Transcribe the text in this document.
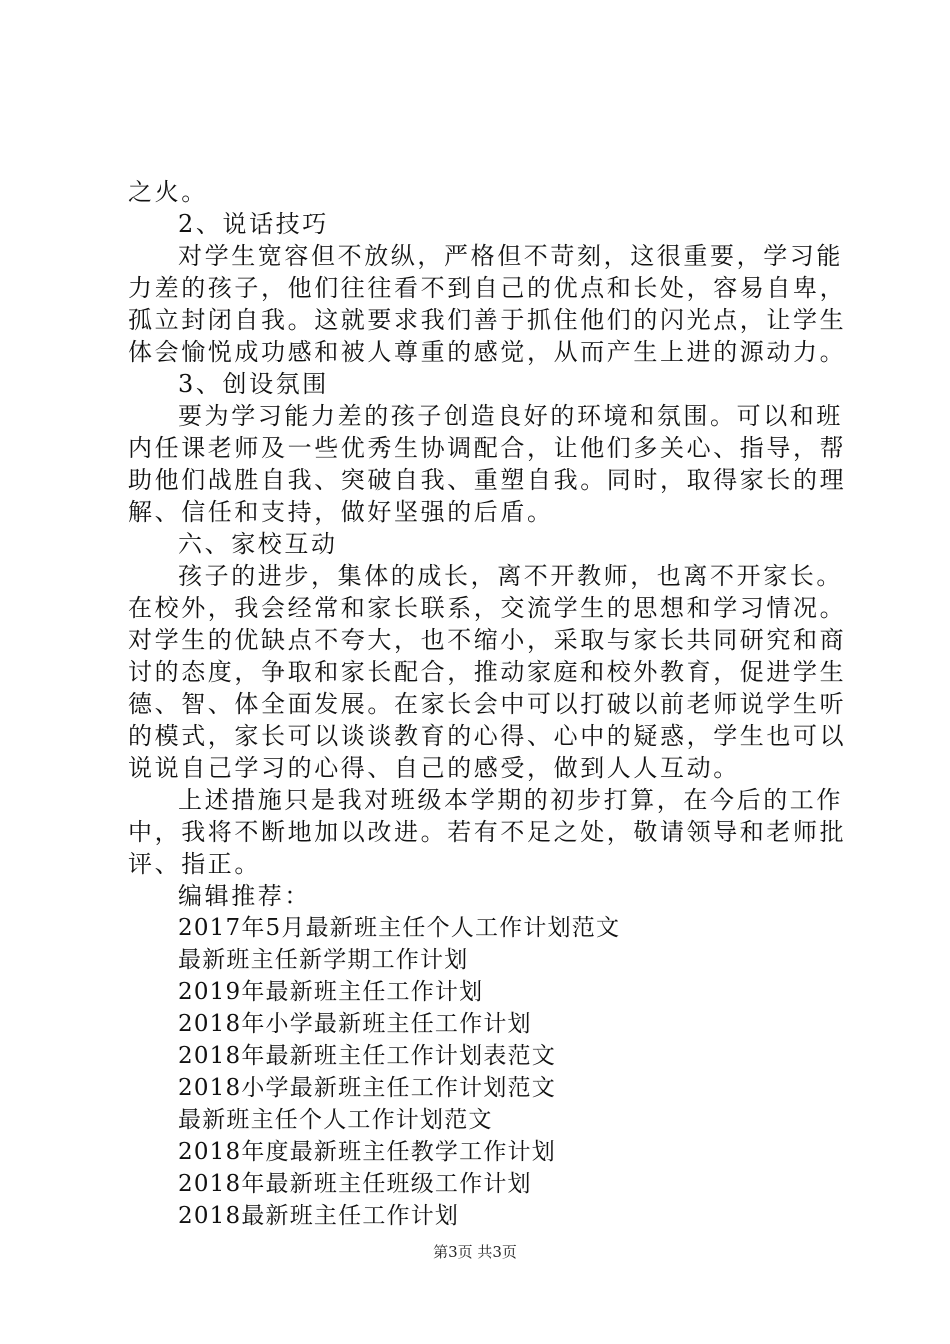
之火。
2、说话技巧
对学生宽容但不放纵，严格但不苛刻，这很重要，学习能
力差的孩子，他们往往看不到自己的优点和长处，容易自卑，
孤立封闭自我。这就要求我们善于抓住他们的闪光点，让学生
体会愉悦成功感和被人尊重的感觉，从而产生上进的源动力。
3、创设氛围
要为学习能力差的孩子创造良好的环境和氛围。可以和班
内任课老师及一些优秀生协调配合，让他们多关心、指导，帮
助他们战胜自我、突破自我、重塑自我。同时，取得家长的理
解、信任和支持，做好坚强的后盾。
六、家校互动
孩子的进步，集体的成长，离不开教师，也离不开家长。
在校外，我会经常和家长联系，交流学生的思想和学习情况。
对学生的优缺点不夸大，也不缩小，采取与家长共同研究和商
讨的态度，争取和家长配合，推动家庭和校外教育，促进学生
德、智、体全面发展。在家长会中可以打破以前老师说学生听
的模式，家长可以谈谈教育的心得、心中的疑惑，学生也可以
说说自己学习的心得、自己的感受，做到人人互动。
上述措施只是我对班级本学期的初步打算，在今后的工作
中，我将不断地加以改进。若有不足之处，敬请领导和老师批
评、指正。
编辑推荐：
2017年5月最新班主任个人工作计划范文
最新班主任新学期工作计划
2019年最新班主任工作计划
2018年小学最新班主任工作计划
2018年最新班主任工作计划表范文
2018小学最新班主任工作计划范文
最新班主任个人工作计划范文
2018年度最新班主任教学工作计划
2018年最新班主任班级工作计划
2018最新班主任工作计划
第3页 共3页
